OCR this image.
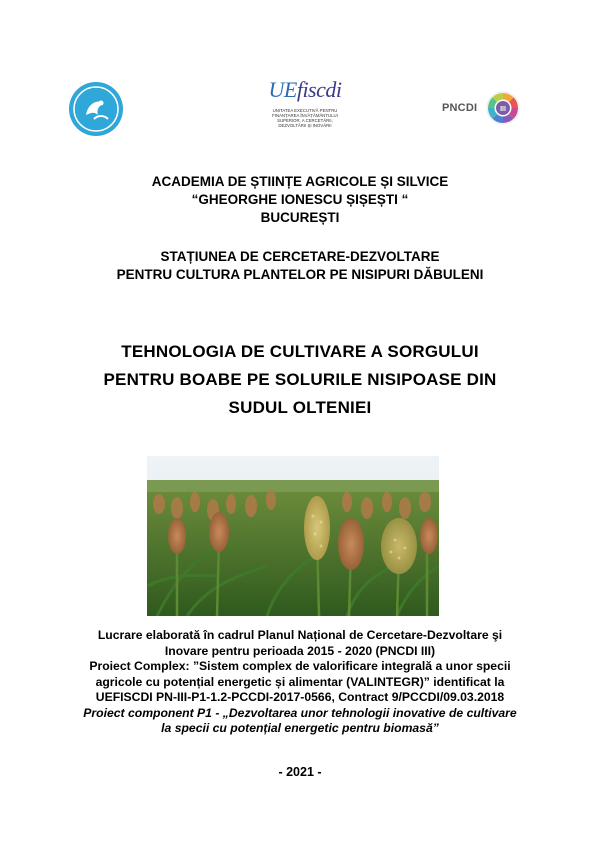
UEfiscdi
UNITATEA EXECUTIVĂ PENTRU
FINANȚAREA ÎNVĂȚĂMÂNTULUI
SUPERIOR, A CERCETĂRII,
DEZVOLTĂRII ȘI INOVĂRII
PNCDI	III
ACADEMIA DE ȘTIINȚE AGRICOLE ȘI SILVICE
“GHEORGHE IONESCU ȘIȘEȘTI “
BUCUREȘTI
STAȚIUNEA DE CERCETARE-DEZVOLTARE
PENTRU CULTURA PLANTELOR PE NISIPURI DĂBULENI
TEHNOLOGIA DE CULTIVARE A SORGULUI
PENTRU BOABE PE SOLURILE NISIPOASE DIN
SUDUL OLTENIEI
Lucrare elaborată în cadrul Planul Național de Cercetare-Dezvoltare şi
Inovare pentru perioada 2015 - 2020 (PNCDI III)
Proiect Complex: ”Sistem complex de valorificare integrală a unor specii
agricole cu potențial energetic și alimentar (VALINTEGR)” identificat la
UEFISCDI PN-III-P1-1.2-PCCDI-2017-0566, Contract 9/PCCDI/09.03.2018
Proiect component P1 - „Dezvoltarea unor tehnologii inovative de cultivare
la specii cu potențial energetic pentru biomasă”
- 2021 -
